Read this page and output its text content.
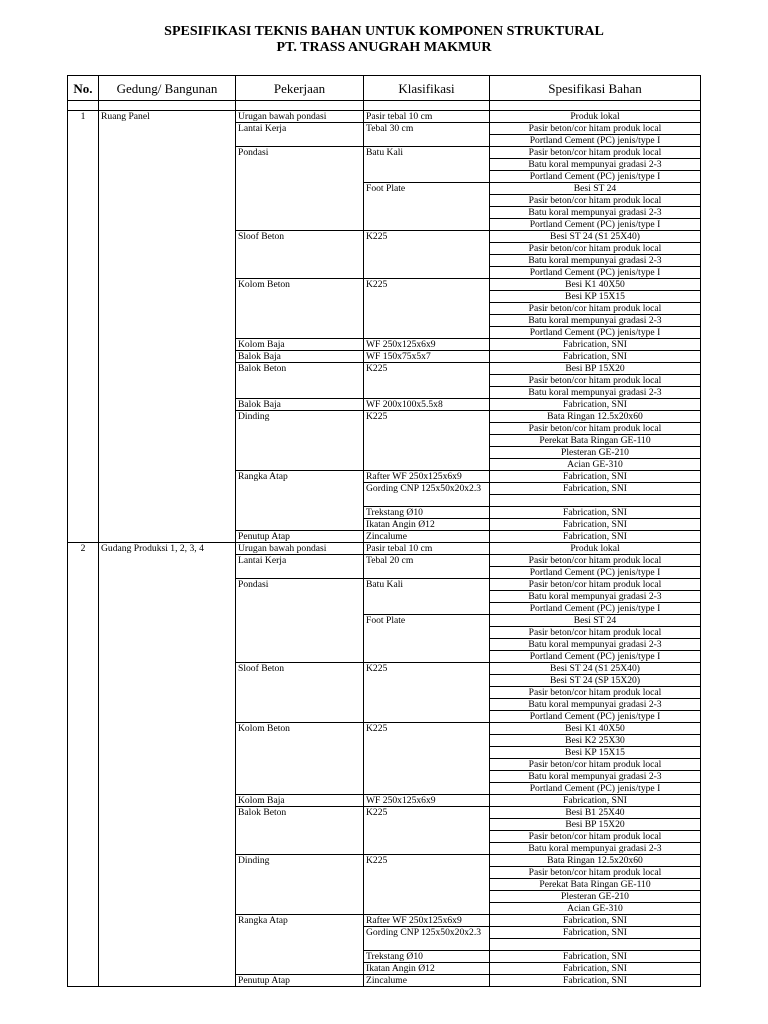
SPESIFIKASI TEKNIS BAHAN UNTUK KOMPONEN STRUKTURAL
PT. TRASS ANUGRAH MAKMUR
No.	Gedung/ Bangunan	Pekerjaan	Klasifikasi	Spesifikasi Bahan

1	Ruang Panel	Urugan bawah pondasi	Pasir tebal 10 cm	Produk lokal
		Lantai Kerja	Tebal 30 cm	Pasir beton/cor hitam produk local
				Portland Cement (PC) jenis/type I
		Pondasi	Batu Kali	Pasir beton/cor hitam produk local
				Batu koral mempunyai gradasi 2-3
				Portland Cement (PC) jenis/type I
			Foot Plate	Besi ST 24
				Pasir beton/cor hitam produk local
				Batu koral mempunyai gradasi 2-3
				Portland Cement (PC) jenis/type I
		Sloof Beton	K225	Besi ST 24 (S1 25X40)
				Pasir beton/cor hitam produk local
				Batu koral mempunyai gradasi 2-3
				Portland Cement (PC) jenis/type I
		Kolom Beton	K225	Besi K1 40X50
				Besi KP 15X15
				Pasir beton/cor hitam produk local
				Batu koral mempunyai gradasi 2-3
				Portland Cement (PC) jenis/type I
		Kolom Baja	WF 250x125x6x9	Fabrication, SNI
		Balok Baja	WF 150x75x5x7	Fabrication, SNI
		Balok Beton	K225	Besi BP 15X20
				Pasir beton/cor hitam produk local
				Batu koral mempunyai gradasi 2-3
		Balok Baja	WF 200x100x5.5x8	Fabrication, SNI
		Dinding	K225	Bata Ringan 12.5x20x60
				Pasir beton/cor hitam produk local
				Perekat Bata Ringan GE-110
				Plesteran GE-210
				Acian GE-310
		Rangka Atap	Rafter WF 250x125x6x9	Fabrication, SNI
			Gording CNP 125x50x20x2.3	Fabrication, SNI

			Trekstang Ø10	Fabrication, SNI
			Ikatan Angin Ø12	Fabrication, SNI
		Penutup Atap	Zincalume	Fabrication, SNI
2	Gudang Produksi 1, 2, 3, 4	Urugan bawah pondasi	Pasir tebal 10 cm	Produk lokal
		Lantai Kerja	Tebal 20 cm	Pasir beton/cor hitam produk local
				Portland Cement (PC) jenis/type I
		Pondasi	Batu Kali	Pasir beton/cor hitam produk local
				Batu koral mempunyai gradasi 2-3
				Portland Cement (PC) jenis/type I
			Foot Plate	Besi ST 24
				Pasir beton/cor hitam produk local
				Batu koral mempunyai gradasi 2-3
				Portland Cement (PC) jenis/type I
		Sloof Beton	K225	Besi ST 24 (S1 25X40)
				Besi ST 24 (SP 15X20)
				Pasir beton/cor hitam produk local
				Batu koral mempunyai gradasi 2-3
				Portland Cement (PC) jenis/type I
		Kolom Beton	K225	Besi K1 40X50
				Besi K2 25X30
				Besi KP 15X15
				Pasir beton/cor hitam produk local
				Batu koral mempunyai gradasi 2-3
				Portland Cement (PC) jenis/type I
		Kolom Baja	WF 250x125x6x9	Fabrication, SNI
		Balok Beton	K225	Besi B1 25X40
				Besi BP 15X20
				Pasir beton/cor hitam produk local
				Batu koral mempunyai gradasi 2-3
		Dinding	K225	Bata Ringan 12.5x20x60
				Pasir beton/cor hitam produk local
				Perekat Bata Ringan GE-110
				Plesteran GE-210
				Acian GE-310
		Rangka Atap	Rafter WF 250x125x6x9	Fabrication, SNI
			Gording CNP 125x50x20x2.3	Fabrication, SNI

			Trekstang Ø10	Fabrication, SNI
			Ikatan Angin Ø12	Fabrication, SNI
		Penutup Atap	Zincalume	Fabrication, SNI
